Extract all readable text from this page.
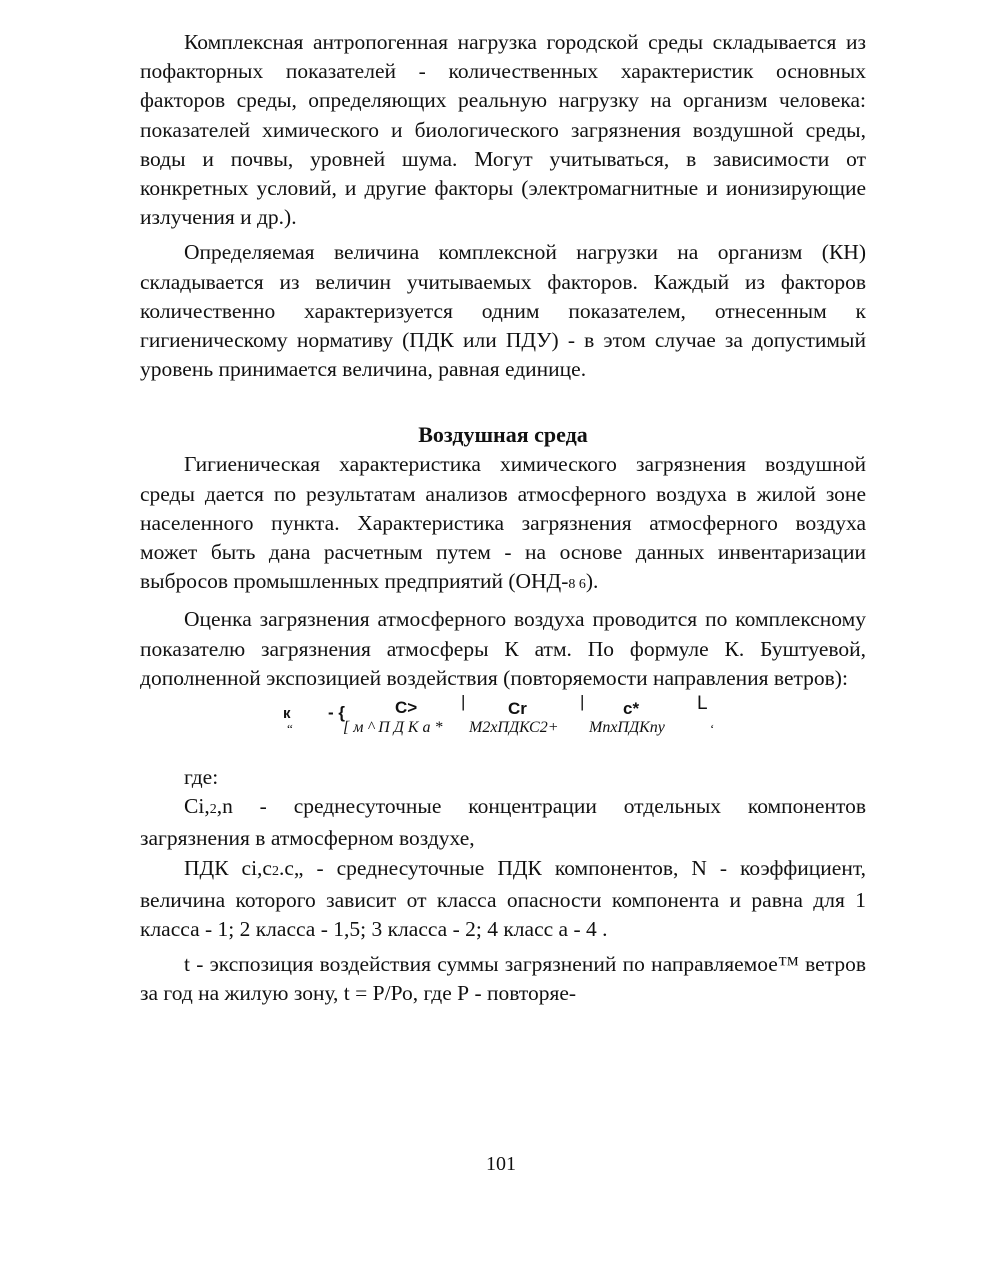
Комплексная антропогенная нагрузка городской среды складывается из пофакторных показателей - количественных характеристик основных факторов среды, определяющих реальную нагрузку на организм человека: показателей химического и биологического загрязнения воздушной среды, воды и почвы, уровней шума. Могут учитываться, в зависимости от конкретных условий, и другие факторы (электромагнитные и ионизирующие излучения и др.).

Определяемая величина комплексной нагрузки на организм (КН) складывается из величин учитываемых факторов. Каждый из факторов количественно характеризуется одним показателем, отнесенным к гигиеническому нормативу (ПДК или ПДУ) - в этом случае за допустимый уровень принимается величина, равная единице.

Воздушная среда

Гигиеническая характеристика химического загрязнения воздушной среды дается по результатам анализов атмосферного воздуха в жилой зоне населенного пункта. Характеристика загрязнения атмосферного воздуха может быть дана расчетным путем - на основе данных инвентаризации выбросов промышленных предприятий (ОНД-8 6).

Оценка загрязнения атмосферного воздуха проводится по комплексному показателю загрязнения атмосферы К атм. По формуле К. Буштуевой, дополненной экспозицией воздействия (повторяемости направления ветров):

к
“
- {	C>	|	Cr	| c*	L
[ м ^ П Д К а * М2хПДКС2+ МпхПДКпу	‘

где:

Ci,2,n - среднесуточные концентрации отдельных компонентов загрязнения в атмосферном воздухе,

ПДК ci,c2.с„ - среднесуточные ПДК компонентов, N - коэффициент, величина которого зависит от класса опасности компонента и равна для 1 класса - 1; 2 класса - 1,5; 3 класса - 2; 4 класс а - 4 .

t - экспозиция воздействия суммы загрязнений по направляемое™ ветров за год на жилую зону, t = Р/Ро, где Р - повторяе-

101
